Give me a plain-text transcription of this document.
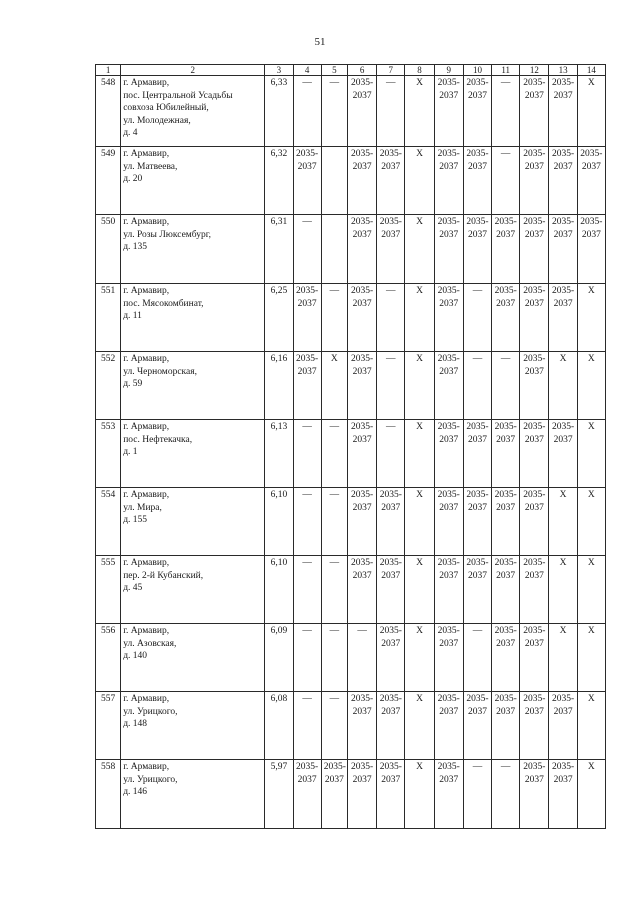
51
1	2	3	4	5	6	7	8	9	10	11	12	13	14
548	г. Армавир,
пос. Центральной Усадьбы
совхоза Юбилейный,
ул. Молодежная,
д. 4	6,33	—	—	2035-
2037	—	X	2035-
2037	2035-
2037	—	2035-
2037	2035-
2037	X
549	г. Армавир,
ул. Матвеева,
д. 20	6,32	2035-
2037		2035-
2037	2035-
2037	X	2035-
2037	2035-
2037	—	2035-
2037	2035-
2037	2035-
2037

550	г. Армавир,
ул. Розы Люксембург,
д. 135	6,31	—		2035-
2037	2035-
2037	X	2035-
2037	2035-
2037	2035-
2037	2035-
2037	2035-
2037	2035-
2037

551	г. Армавир,
пос. Мясокомбинат,
д. 11	6,25	2035-
2037	—	2035-
2037	—	X	2035-
2037	—	2035-
2037	2035-
2037	2035-
2037	X
552	г. Армавир,
ул. Черноморская,
д. 59	6,16	2035-
2037	X	2035-
2037	—	X	2035-
2037	—	—	2035-
2037	X	X
553	г. Армавир,
пос. Нефтекачка,
д. 1	6,13	—	—	2035-
2037	—	X	2035-
2037	2035-
2037	2035-
2037	2035-
2037	2035-
2037	X
554	г. Армавир,
ул. Мира,
д. 155	6,10	—	—	2035-
2037	2035-
2037	X	2035-
2037	2035-
2037	2035-
2037	2035-
2037	X	X
555	г. Армавир,
пер. 2-й Кубанский,
д. 45	6,10	—	—	2035-
2037	2035-
2037	X	2035-
2037	2035-
2037	2035-
2037	2035-
2037	X	X
556	г. Армавир,
ул. Азовская,
д. 140	6,09	—	—	—	2035-
2037	X	2035-
2037	—	2035-
2037	2035-
2037	X	X
557	г. Армавир,
ул. Урицкого,
д. 148	6,08	—	—	2035-
2037	2035-
2037	X	2035-
2037	2035-
2037	2035-
2037	2035-
2037	2035-
2037	X
558	г. Армавир,
ул. Урицкого,
д. 146	5,97	2035-
2037	2035-
2037	2035-
2037	2035-
2037	X	2035-
2037	—	—	2035-
2037	2035-
2037	X
